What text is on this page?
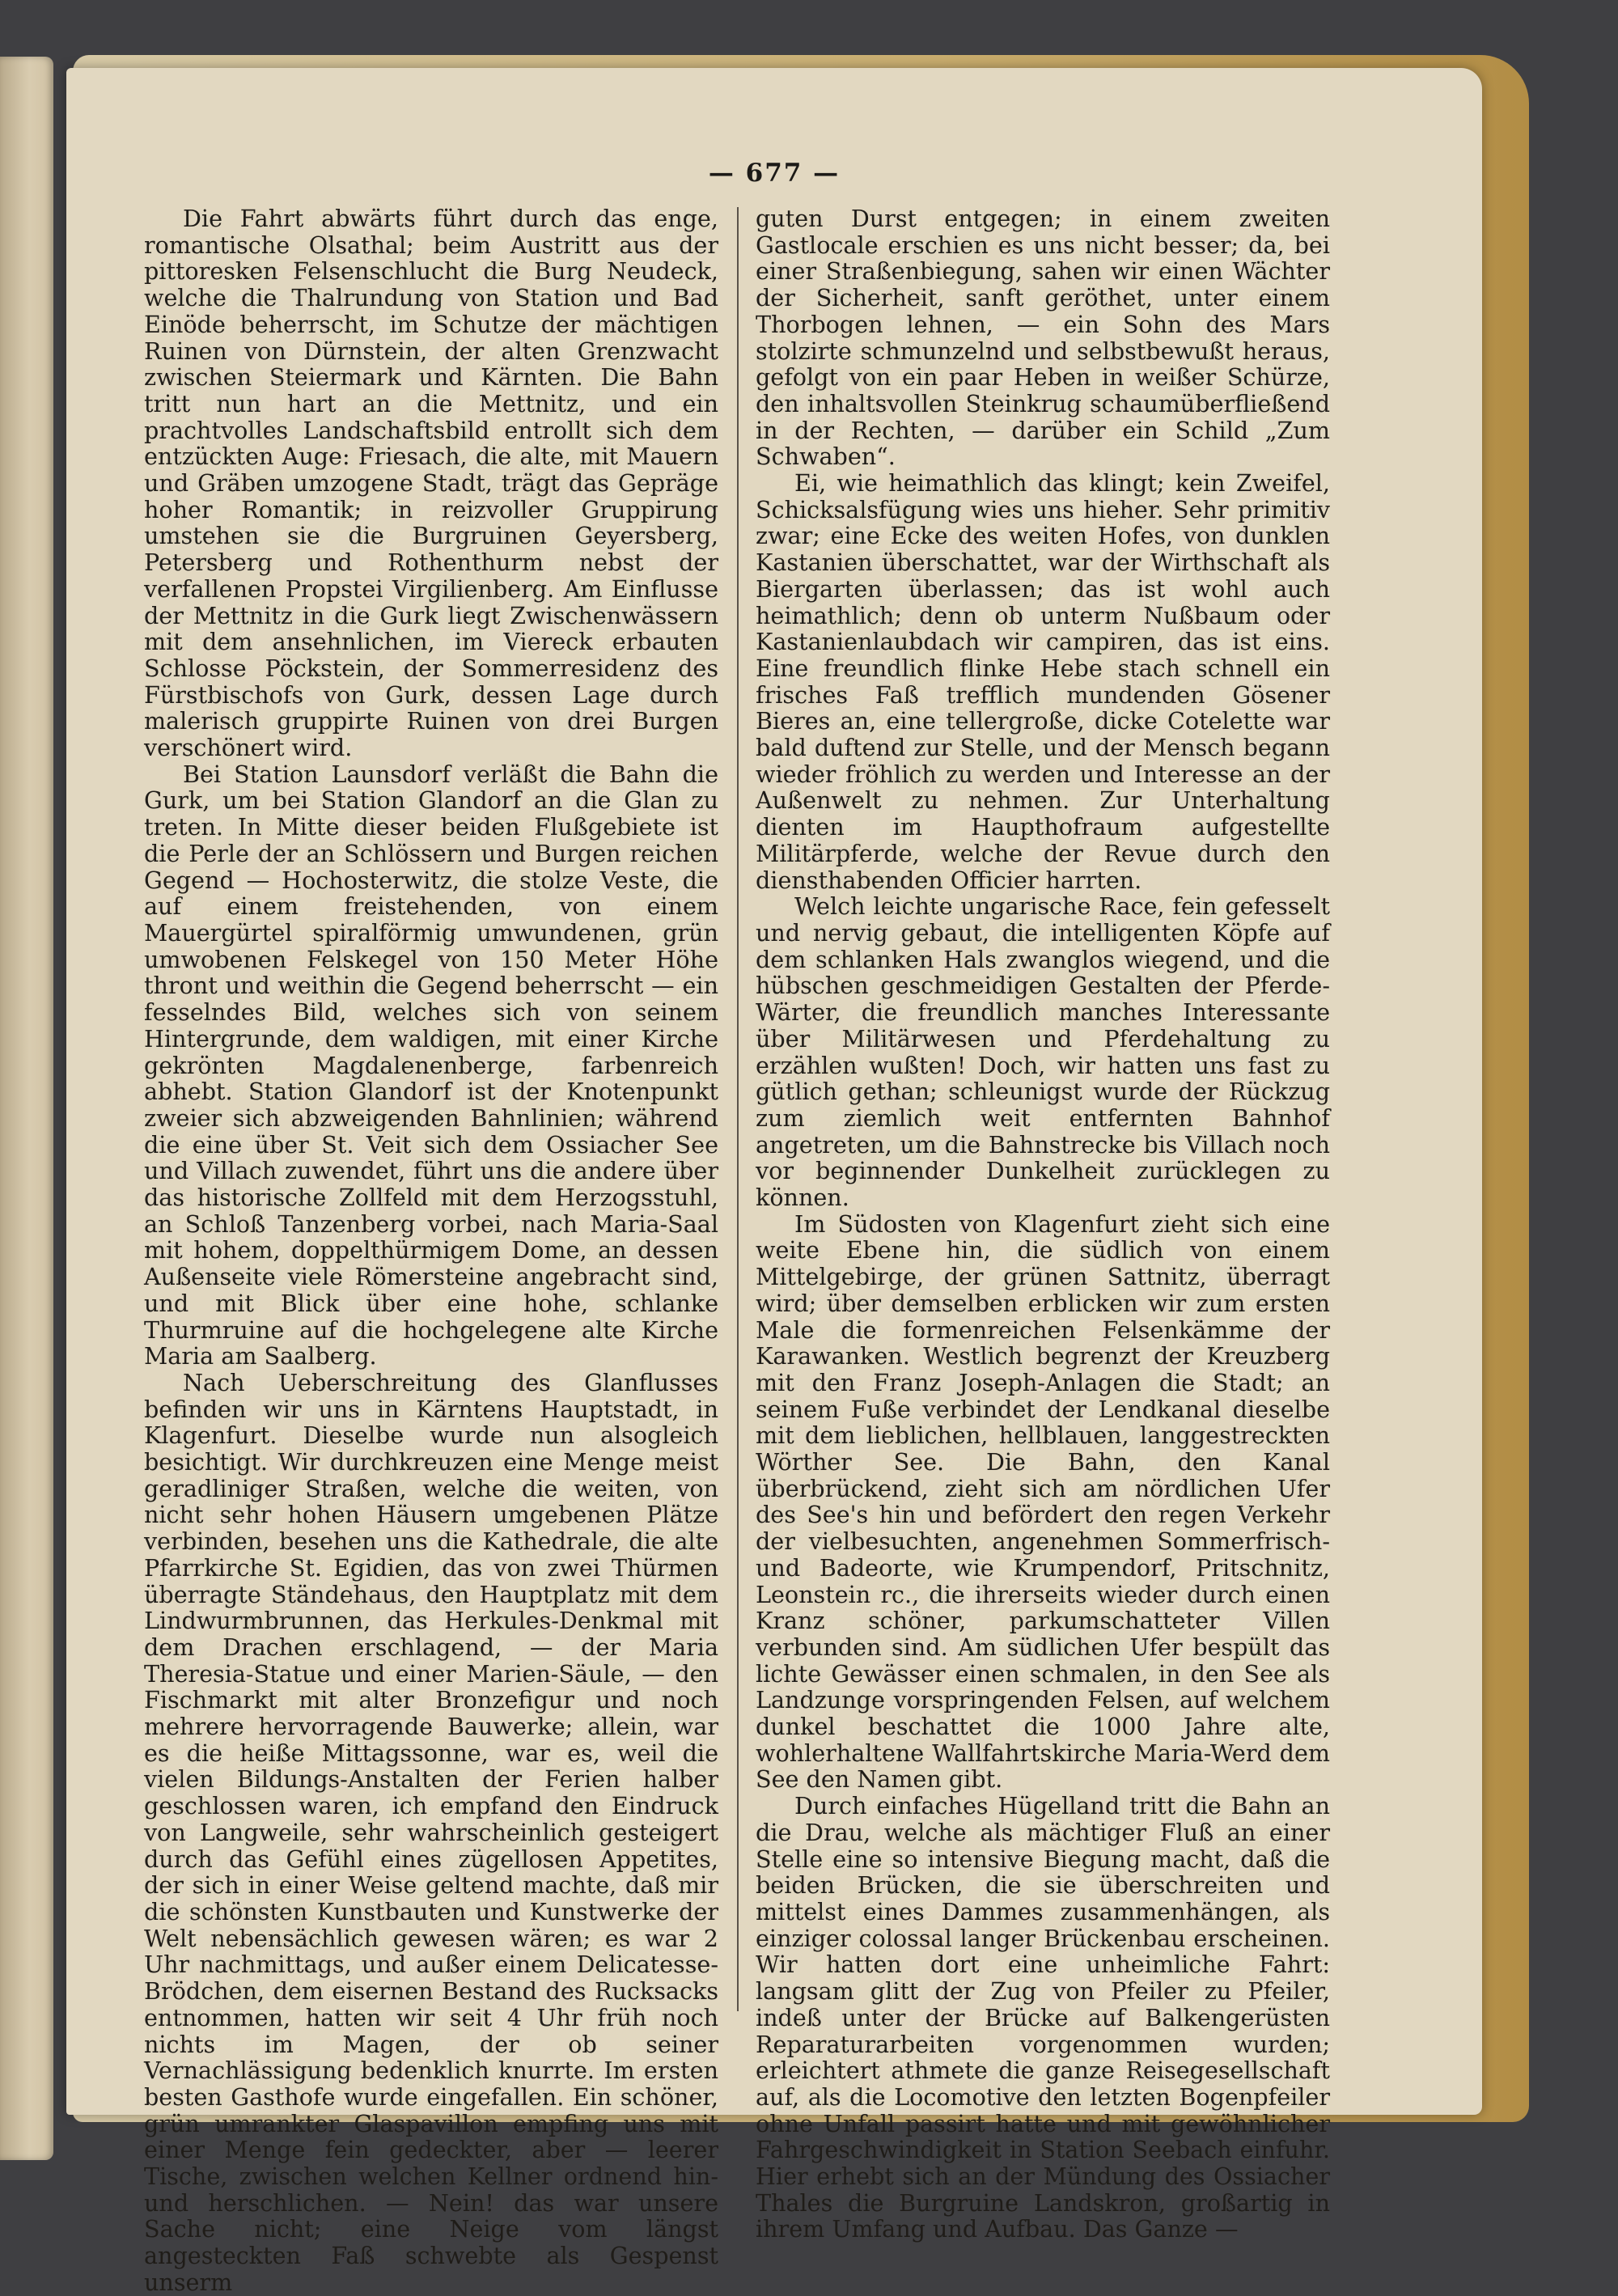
— 677 —

Die Fahrt abwärts führt durch das enge, romantische Olsathal; beim Austritt aus der pittoresken Felsenschlucht die Burg Neudeck, welche die Thalrundung von Station und Bad Einöde beherrscht, im Schutze der mächtigen Ruinen von Dürnstein, der alten Grenzwacht zwischen Steiermark und Kärnten. Die Bahn tritt nun hart an die Mettnitz, und ein prachtvolles Landschaftsbild entrollt sich dem entzückten Auge: Friesach, die alte, mit Mauern und Gräben umzogene Stadt, trägt das Gepräge hoher Romantik; in reizvoller Gruppirung umstehen sie die Burgruinen Geyersberg, Petersberg und Rothenthurm nebst der verfallenen Propstei Virgilienberg. Am Einflusse der Mettnitz in die Gurk liegt Zwischenwässern mit dem ansehnlichen, im Viereck erbauten Schlosse Pöckstein, der Sommerresidenz des Fürstbischofs von Gurk, dessen Lage durch malerisch gruppirte Ruinen von drei Burgen verschönert wird.

Bei Station Launsdorf verläßt die Bahn die Gurk, um bei Station Glandorf an die Glan zu treten. In Mitte dieser beiden Flußgebiete ist die Perle der an Schlössern und Burgen reichen Gegend — Hochosterwitz, die stolze Veste, die auf einem freistehenden, von einem Mauergürtel spiralförmig umwundenen, grün umwobenen Felskegel von 150 Meter Höhe thront und weithin die Gegend beherrscht — ein fesselndes Bild, welches sich von seinem Hintergrunde, dem waldigen, mit einer Kirche gekrönten Magdalenenberge, farbenreich abhebt. Station Glandorf ist der Knotenpunkt zweier sich abzweigenden Bahnlinien; während die eine über St. Veit sich dem Ossiacher See und Villach zuwendet, führt uns die andere über das historische Zollfeld mit dem Herzogsstuhl, an Schloß Tanzenberg vorbei, nach Maria-Saal mit hohem, doppelthürmigem Dome, an dessen Außenseite viele Römersteine angebracht sind, und mit Blick über eine hohe, schlanke Thurmruine auf die hochgelegene alte Kirche Maria am Saalberg.

Nach Ueberschreitung des Glanflusses befinden wir uns in Kärntens Hauptstadt, in Klagenfurt. Dieselbe wurde nun alsogleich besichtigt. Wir durchkreuzen eine Menge meist geradliniger Straßen, welche die weiten, von nicht sehr hohen Häusern umgebenen Plätze verbinden, besehen uns die Kathedrale, die alte Pfarrkirche St. Egidien, das von zwei Thürmen überragte Ständehaus, den Hauptplatz mit dem Lindwurmbrunnen, das Herkules-Denkmal mit dem Drachen erschlagend, — der Maria Theresia-Statue und einer Marien-Säule, — den Fischmarkt mit alter Bronzefigur und noch mehrere hervorragende Bauwerke; allein, war es die heiße Mittagssonne, war es, weil die vielen Bildungs-Anstalten der Ferien halber geschlossen waren, ich empfand den Eindruck von Langweile, sehr wahrscheinlich gesteigert durch das Gefühl eines zügellosen Appetites, der sich in einer Weise geltend machte, daß mir die schönsten Kunstbauten und Kunstwerke der Welt nebensächlich gewesen wären; es war 2 Uhr nachmittags, und außer einem Delicatesse-Brödchen, dem eisernen Bestand des Rucksacks entnommen, hatten wir seit 4 Uhr früh noch nichts im Magen, der ob seiner Vernachlässigung bedenklich knurrte. Im ersten besten Gasthofe wurde eingefallen. Ein schöner, grün umrankter Glaspavillon empfing uns mit einer Menge fein gedeckter, aber — leerer Tische, zwischen welchen Kellner ordnend hin- und herschlichen. — Nein! das war unsere Sache nicht; eine Neige vom längst angesteckten Faß schwebte als Gespenst unserm

guten Durst entgegen; in einem zweiten Gastlocale erschien es uns nicht besser; da, bei einer Straßenbiegung, sahen wir einen Wächter der Sicherheit, sanft geröthet, unter einem Thorbogen lehnen, — ein Sohn des Mars stolzirte schmunzelnd und selbstbewußt heraus, gefolgt von ein paar Heben in weißer Schürze, den inhaltsvollen Steinkrug schaumüberfließend in der Rechten, — darüber ein Schild „Zum Schwaben“.

Ei, wie heimathlich das klingt; kein Zweifel, Schicksalsfügung wies uns hieher. Sehr primitiv zwar; eine Ecke des weiten Hofes, von dunklen Kastanien überschattet, war der Wirthschaft als Biergarten überlassen; das ist wohl auch heimathlich; denn ob unterm Nußbaum oder Kastanienlaubdach wir campiren, das ist eins. Eine freundlich flinke Hebe stach schnell ein frisches Faß trefflich mundenden Gösener Bieres an, eine tellergroße, dicke Cotelette war bald duftend zur Stelle, und der Mensch begann wieder fröhlich zu werden und Interesse an der Außenwelt zu nehmen. Zur Unterhaltung dienten im Haupthofraum aufgestellte Militärpferde, welche der Revue durch den diensthabenden Officier harrten.

Welch leichte ungarische Race, fein gefesselt und nervig gebaut, die intelligenten Köpfe auf dem schlanken Hals zwanglos wiegend, und die hübschen geschmeidigen Gestalten der Pferde-Wärter, die freundlich manches Interessante über Militärwesen und Pferdehaltung zu erzählen wußten! Doch, wir hatten uns fast zu gütlich gethan; schleunigst wurde der Rückzug zum ziemlich weit entfernten Bahnhof angetreten, um die Bahnstrecke bis Villach noch vor beginnender Dunkelheit zurücklegen zu können.

Im Südosten von Klagenfurt zieht sich eine weite Ebene hin, die südlich von einem Mittelgebirge, der grünen Sattnitz, überragt wird; über demselben erblicken wir zum ersten Male die formenreichen Felsenkämme der Karawanken. Westlich begrenzt der Kreuzberg mit den Franz Joseph-Anlagen die Stadt; an seinem Fuße verbindet der Lendkanal dieselbe mit dem lieblichen, hellblauen, langgestreckten Wörther See. Die Bahn, den Kanal überbrückend, zieht sich am nördlichen Ufer des See's hin und befördert den regen Verkehr der vielbesuchten, angenehmen Sommerfrisch- und Badeorte, wie Krumpendorf, Pritschnitz, Leonstein rc., die ihrerseits wieder durch einen Kranz schöner, parkumschatteter Villen verbunden sind. Am südlichen Ufer bespült das lichte Gewässer einen schmalen, in den See als Landzunge vorspringenden Felsen, auf welchem dunkel beschattet die 1000 Jahre alte, wohlerhaltene Wallfahrtskirche Maria-Werd dem See den Namen gibt.

Durch einfaches Hügelland tritt die Bahn an die Drau, welche als mächtiger Fluß an einer Stelle eine so intensive Biegung macht, daß die beiden Brücken, die sie überschreiten und mittelst eines Dammes zusammenhängen, als einziger colossal langer Brückenbau erscheinen. Wir hatten dort eine unheimliche Fahrt: langsam glitt der Zug von Pfeiler zu Pfeiler, indeß unter der Brücke auf Balkengerüsten Reparaturarbeiten vorgenommen wurden; erleichtert athmete die ganze Reisegesellschaft auf, als die Locomotive den letzten Bogenpfeiler ohne Unfall passirt hatte und mit gewöhnlicher Fahrgeschwindigkeit in Station Seebach einfuhr. Hier erhebt sich an der Mündung des Ossiacher Thales die Burgruine Landskron, großartig in ihrem Umfang und Aufbau. Das Ganze —
